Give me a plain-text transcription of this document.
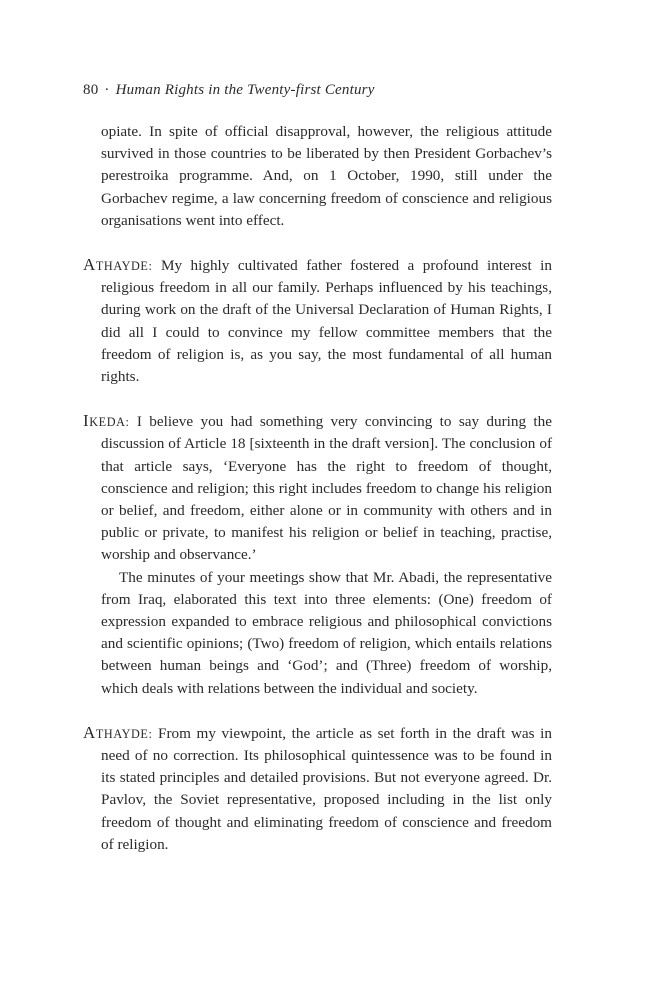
80 · Human Rights in the Twenty-first Century

opiate. In spite of official disapproval, however, the religious attitude survived in those countries to be liberated by then President Gorbachev’s perestroika programme. And, on 1 October, 1990, still under the Gorbachev regime, a law concerning freedom of conscience and religious organisations went into effect.

ATHAYDE: My highly cultivated father fostered a profound interest in religious freedom in all our family. Perhaps influenced by his teachings, during work on the draft of the Universal Declaration of Human Rights, I did all I could to convince my fellow committee members that the freedom of religion is, as you say, the most fundamental of all human rights.

IKEDA: I believe you had something very convincing to say during the discussion of Article 18 [sixteenth in the draft version]. The conclusion of that article says, ‘Everyone has the right to freedom of thought, conscience and religion; this right includes freedom to change his religion or belief, and freedom, either alone or in community with others and in public or private, to manifest his religion or belief in teaching, practise, worship and observance.’

The minutes of your meetings show that Mr. Abadi, the representative from Iraq, elaborated this text into three elements: (One) freedom of expression expanded to embrace religious and philosophical convictions and scientific opinions; (Two) freedom of religion, which entails relations between human beings and ‘God’; and (Three) freedom of worship, which deals with relations between the individual and society.

ATHAYDE: From my viewpoint, the article as set forth in the draft was in need of no correction. Its philosophical quintessence was to be found in its stated principles and detailed provisions. But not everyone agreed. Dr. Pavlov, the Soviet representative, proposed including in the list only freedom of thought and eliminating freedom of conscience and freedom of religion.
